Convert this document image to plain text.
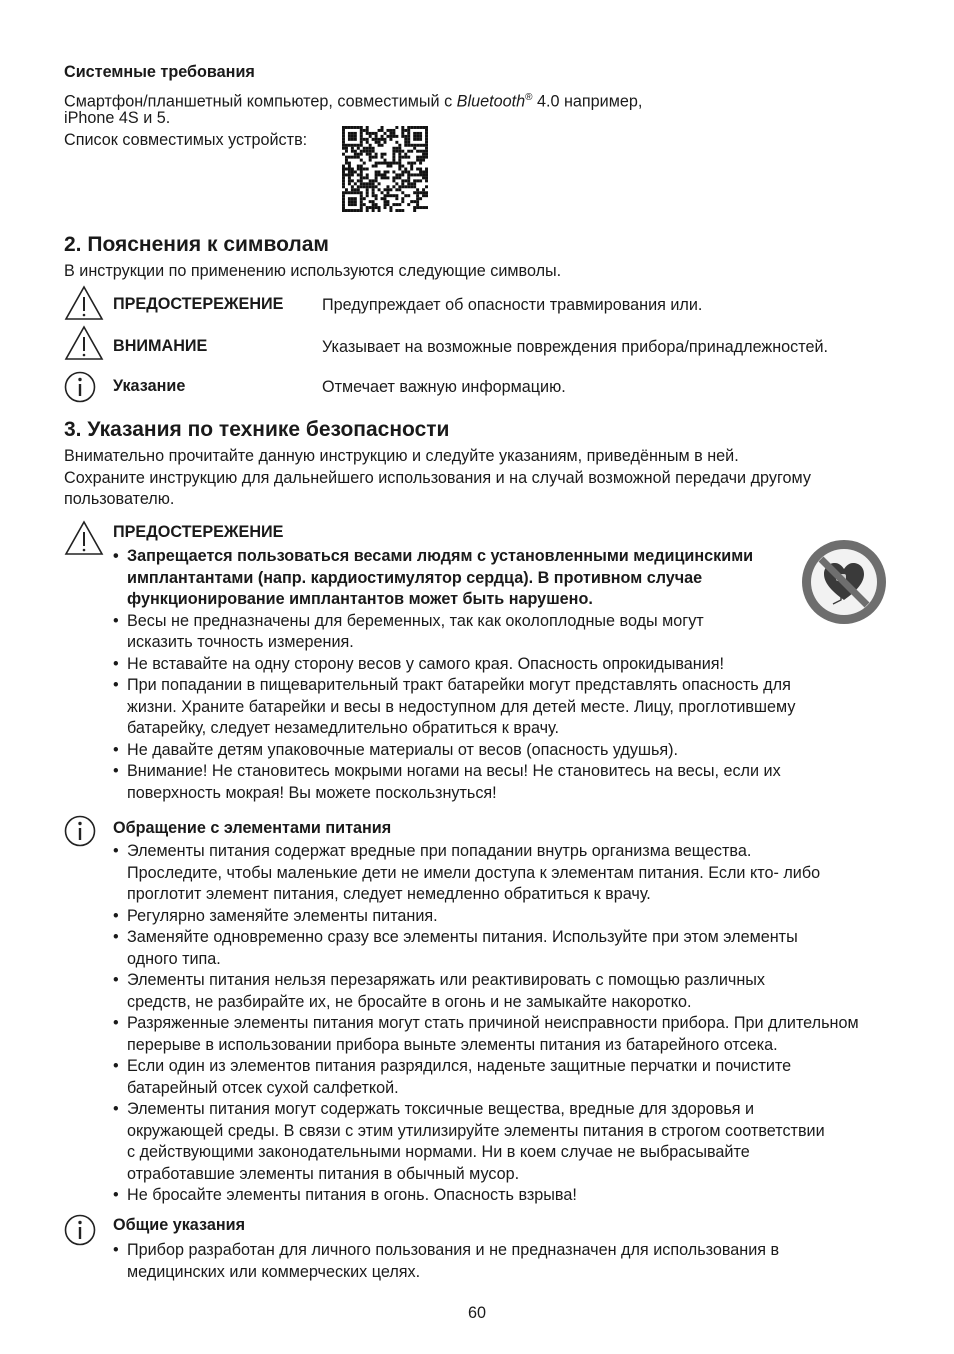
Системные требования
Смартфон/планшетный компьютер, совместимый с Bluetooth® 4.0 например,
iPhone 4S и 5.
Список совместимых устройств:
2. Пояснения к символам
В инструкции по применению используются следующие символы.
ПРЕДОСТЕРЕЖЕНИЕ Предупреждает об опасности травмирования или.
ВНИМАНИЕ	Указывает на возможные повреждения прибора/принадлежностей.
Указание	Отмечает важную информацию.
3. Указания по технике безопасности
Внимательно прочитайте данную инструкцию и следуйте указаниям, приведённым в ней.
Сохраните инструкцию для дальнейшего использования и на случай возможной передачи другому
пользователю.
ПРЕДОСТЕРЕЖЕНИЕ
• Запрещается пользоваться весами людям с установленными медицинскими
имплантантами (напр. кардиостимулятор сердца). В противном случае
функционирование имплантантов может быть нарушено.
• Весы не предназначены для беременных, так как околоплодные воды могут
исказить точность измерения.
• Не вставайте на одну сторону весов у самого края. Опасность опрокидывания!
• При попадании в пищеварительный тракт батарейки могут представлять опасность для
жизни. Храните батарейки и весы в недоступном для детей месте. Лицу, проглотившему
батарейку, следует незамедлительно обратиться к врачу.
• Не давайте детям упаковочные материалы от весов (опасность удушья).
• Внимание! Не становитесь мокрыми ногами на весы! Не становитесь на весы, если их
поверхность мокрая! Вы можете поскользнуться!
Обращение с элементами питания
• Элементы питания содержат вредные при попадании внутрь организма вещества.
Проследите, чтобы маленькие дети не имели доступа к элементам питания. Если кто- либо
проглотит элемент питания, следует немедленно обратиться к врачу.
• Регулярно заменяйте элементы питания.
• Заменяйте одновременно сразу все элементы питания. Используйте при этом элементы
одного типа.
• Элементы питания нельзя перезаряжать или реактивировать с помощью различных
средств, не разбирайте их, не бросайте в огонь и не замыкайте накоротко.
• Разряженные элементы питания могут стать причиной неисправности прибора. При длительном
перерыве в использовании прибора выньте элементы питания из батарейного отсека.
• Если один из элементов питания разрядился, наденьте защитные перчатки и почистите
батарейный отсек сухой салфеткой.
• Элементы питания могут содержать токсичные вещества, вредные для здоровья и
окружающей среды. В связи с этим утилизируйте элементы питания в строгом соответствии
с действующими законодательными нормами. Ни в коем случае не выбрасывайте
отработавшие элементы питания в обычный мусор.
• Не бросайте элементы питания в огонь. Опасность взрыва!
Общие указания
• Прибор разработан для личного пользования и не предназначен для использования в
медицинских или коммерческих целях.
60
